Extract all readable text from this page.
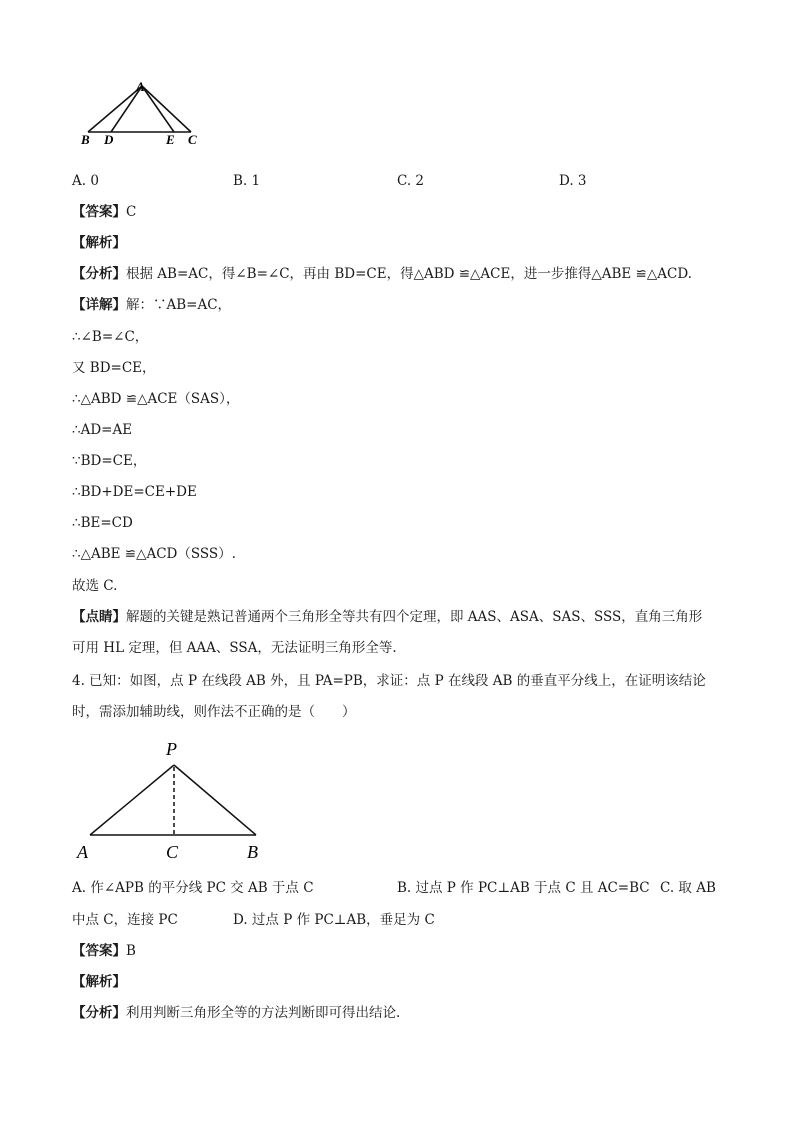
A
B D	E C
A. 0	B. 1	C. 2	D. 3
【答案】C
【解析】
【分析】根据 AB=AC，得∠B=∠C，再由 BD=CE，得△ABD ≌△ACE，进一步推得△ABE ≌△ACD.
【详解】解：∵AB=AC，
∴∠B=∠C，
又 BD=CE，
∴△ABD ≌△ACE（SAS），
∴AD=AE
∵BD=CE，
∴BD+DE=CE+DE
∴BE=CD
∴△ABE ≌△ACD（SSS）.
故选 C.
【点睛】解题的关键是熟记普通两个三角形全等共有四个定理，即 AAS、ASA、SAS、SSS，直角三角形
可用 HL 定理，但 AAA、SSA，无法证明三角形全等.
4. 已知：如图，点 P 在线段 AB 外，且 PA=PB，求证：点 P 在线段 AB 的垂直平分线上，在证明该结论
时，需添加辅助线，则作法不正确的是（　　）
P
A	C	B
A. 作∠APB 的平分线 PC 交 AB 于点 C	B. 过点 P 作 PC⊥AB 于点 C 且 AC=BC C. 取 AB
中点 C，连接 PC	D. 过点 P 作 PC⊥AB，垂足为 C
【答案】B
【解析】
【分析】利用判断三角形全等的方法判断即可得出结论.
